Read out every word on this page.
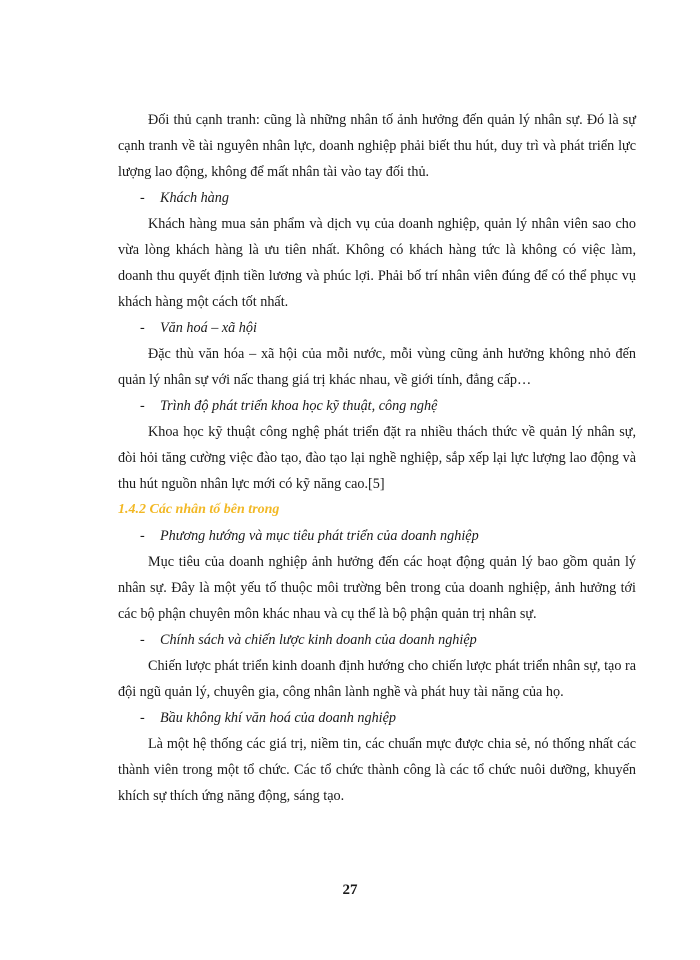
Đối thủ cạnh tranh: cũng là những nhân tố ảnh hưởng đến quản lý nhân sự. Đó là sự cạnh tranh về tài nguyên nhân lực, doanh nghiệp phải biết thu hút, duy trì và phát triển lực lượng lao động, không để mất nhân tài vào tay đối thủ.

-	Khách hàng

Khách hàng mua sản phẩm và dịch vụ của doanh nghiệp, quản lý nhân viên sao cho vừa lòng khách hàng là ưu tiên nhất. Không có khách hàng tức là không có việc làm, doanh thu quyết định tiền lương và phúc lợi. Phải bố trí nhân viên đúng để có thể phục vụ khách hàng một cách tốt nhất.

-	Văn hoá – xã hội

Đặc thù văn hóa – xã hội của mỗi nước, mỗi vùng cũng ảnh hưởng không nhỏ đến quản lý nhân sự với nấc thang giá trị khác nhau, về giới tính, đẳng cấp…

-	Trình độ phát triển khoa học kỹ thuật, công nghệ

Khoa học kỹ thuật công nghệ phát triển đặt ra nhiều thách thức về quản lý nhân sự, đòi hỏi tăng cường việc đào tạo, đào tạo lại nghề nghiệp, sắp xếp lại lực lượng lao động và thu hút nguồn nhân lực mới có kỹ năng cao.[5]

1.4.2 Các nhân tố bên trong

-	Phương hướng và mục tiêu phát triển của doanh nghiệp

Mục tiêu của doanh nghiệp ảnh hưởng đến các hoạt động quản lý bao gồm quản lý nhân sự. Đây là một yếu tố thuộc môi trường bên trong của doanh nghiệp, ảnh hưởng tới các bộ phận chuyên môn khác nhau và cụ thể là bộ phận quản trị nhân sự.

-	Chính sách và chiến lược kinh doanh của doanh nghiệp

Chiến lược phát triển kinh doanh định hướng cho chiến lược phát triển nhân sự, tạo ra đội ngũ quản lý, chuyên gia, công nhân lành nghề và phát huy tài năng của họ.

-	Bầu không khí văn hoá của doanh nghiệp

Là một hệ thống các giá trị, niềm tin, các chuẩn mực được chia sẻ, nó thống nhất các thành viên trong một tổ chức. Các tổ chức thành công là các tổ chức nuôi dưỡng, khuyến khích sự thích ứng năng động, sáng tạo.

27
